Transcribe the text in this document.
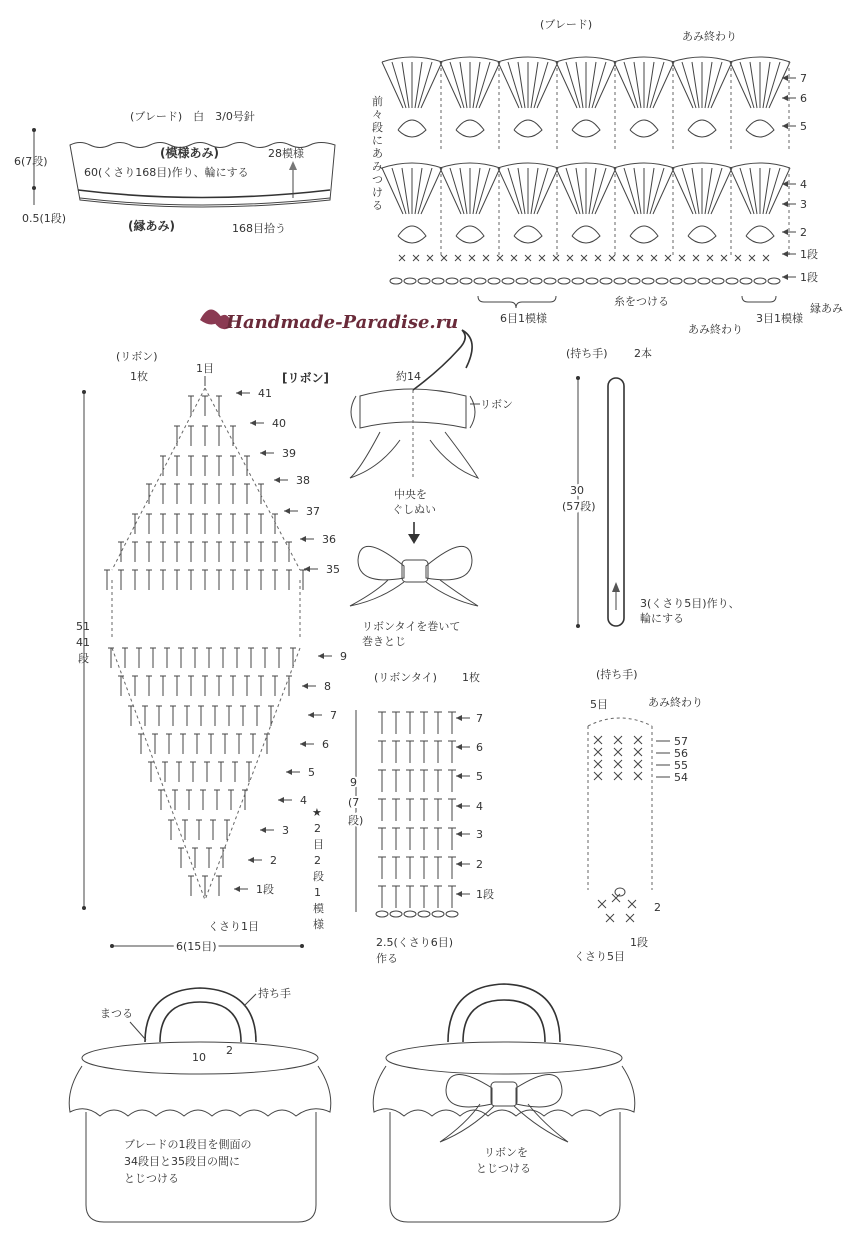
(ブレード)　白　3/0号針
(模様あみ)	28模様
60(くさり168目)作り、輪にする
(縁あみ)	168目拾う
6(7段)
0.5(1段)
(ブレード)
あみ終わり
7
6
5
4
3
2
1段
1段
縁あみ
前
々
段
に
あ
み
つ
け
る
6目1模様
糸をつける
あみ終わり
3目1模様
Handmade-Paradise.ru
(リボン)
1枚
1目
41
40
39
38
37
36
35
9
8
7
6
5
4
3
2
1段
51
41
段
★
2
目
2
段
1
模
様
くさり1目
6(15目)
[リボン]	約14
リボン
中央を
ぐしぬい
リボンタイを巻いて
巻きとじ
(リボンタイ) 1枚
7
6
5
4
3
2
1段
9
(7
段)
2.5(くさり6目)
作る
(持ち手) 2本
30
(57段)
3(くさり5目)作り、
輪にする
(持ち手)
5目	あみ終わり
57
56
55
54
2
1段
くさり5目
持ち手
まつる
10
2
ブレードの1段目を側面の
34段目と35段目の間に
とじつける
リボンを
とじつける
